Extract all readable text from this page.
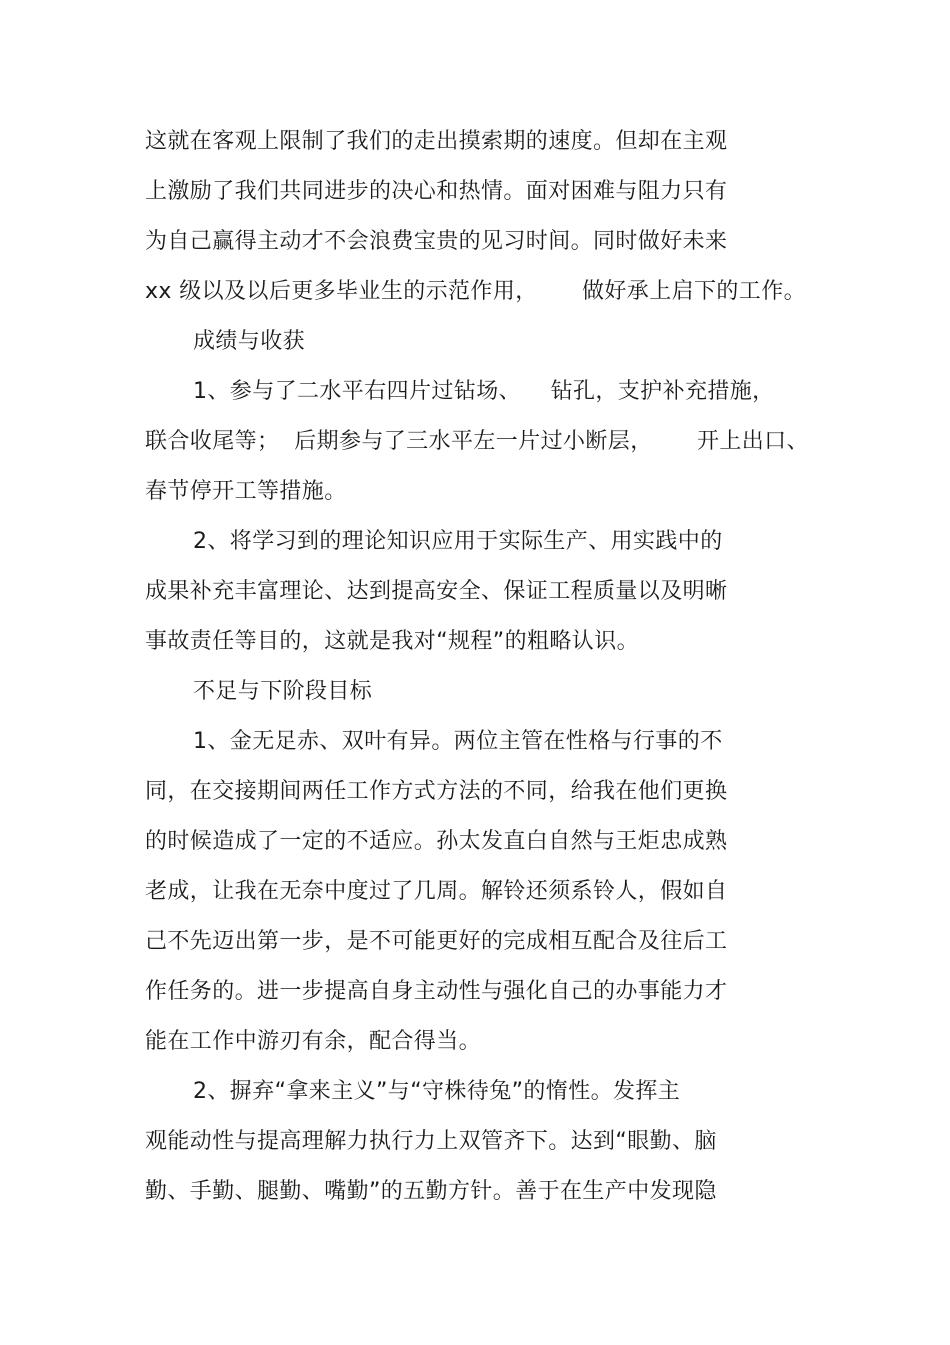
这就在客观上限制了我们的走出摸索期的速度。但却在主观
上激励了我们共同进步的决心和热情。面对困难与阻力只有
为自己赢得主动才不会浪费宝贵的见习时间。同时做好未来
xx 级以及以后更多毕业生的示范作用，      做好承上启下的工作。
成绩与收获
1、参与了二水平右四片过钻场、    钻孔，支护补充措施，
联合收尾等；  后期参与了三水平左一片过小断层，      开上出口、
春节停开工等措施。
2、将学习到的理论知识应用于实际生产、用实践中的
成果补充丰富理论、达到提高安全、保证工程质量以及明晰
事故责任等目的，这就是我对“规程”的粗略认识。
不足与下阶段目标
1、金无足赤、双叶有异。两位主管在性格与行事的不
同，在交接期间两任工作方式方法的不同，给我在他们更换
的时候造成了一定的不适应。孙太发直白自然与王炬忠成熟
老成，让我在无奈中度过了几周。解铃还须系铃人，假如自
己不先迈出第一步，是不可能更好的完成相互配合及往后工
作任务的。进一步提高自身主动性与强化自己的办事能力才
能在工作中游刃有余，配合得当。
2、摒弃“拿来主义”与“守株待兔”的惰性。发挥主
观能动性与提高理解力执行力上双管齐下。达到“眼勤、脑
勤、手勤、腿勤、嘴勤”的五勤方针。善于在生产中发现隐
